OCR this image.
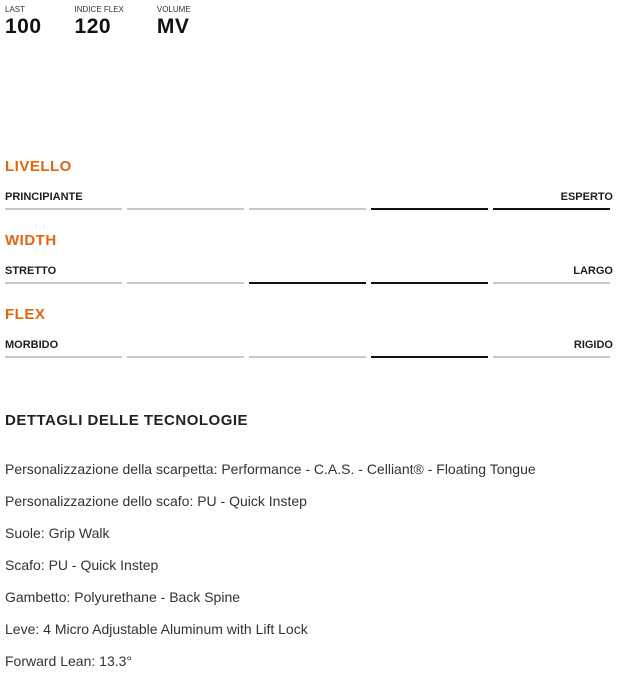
LAST
100
INDICE FLEX
120
VOLUME
MV
LIVELLO
PRINCIPIANTE	ESPERTO
WIDTH
STRETTO	LARGO
FLEX
MORBIDO	RIGIDO
DETTAGLI DELLE TECNOLOGIE
Personalizzazione della scarpetta: Performance - C.A.S. - Celliant® - Floating Tongue
Personalizzazione dello scafo: PU - Quick Instep
Suole: Grip Walk
Scafo: PU - Quick Instep
Gambetto: Polyurethane - Back Spine
Leve: 4 Micro Adjustable Aluminum with Lift Lock
Forward Lean: 13.3°
